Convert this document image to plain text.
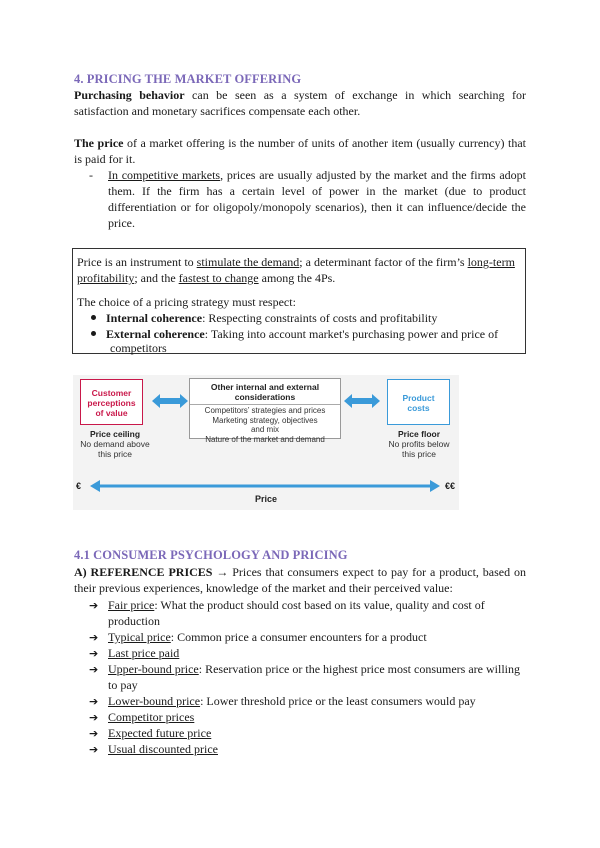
4. PRICING THE MARKET OFFERING
Purchasing behavior can be seen as a system of exchange in which searching for
satisfaction and monetary sacrifices compensate each other.
The price of a market offering is the number of units of another item (usually currency) that
is paid for it.
-	In competitive markets, prices are usually adjusted by the market and the firms adopt
them. If the firm has a certain level of power in the market (due to product
differentiation or for oligopoly/monopoly scenarios), then it can influence/decide the
price.
Price is an instrument to stimulate the demand; a determinant factor of the firm’s long-term
profitability; and the fastest to change among the 4Ps.
The choice of a pricing strategy must respect:
Internal coherence: Respecting constraints of costs and profitability
External coherence: Taking into account market's purchasing power and price of
competitors
Customer
perceptions
of value
Other internal and external
considerations
Competitors’ strategies and prices
Marketing strategy, objectives
and mix
Nature of the market and demand
Product
costs
Price ceiling
No demand above
this price
Price floor
No profits below
this price
€	€€
Price
4.1 CONSUMER PSYCHOLOGY AND PRICING
A) REFERENCE PRICES → Prices that consumers expect to pay for a product, based on
their previous experiences, knowledge of the market and their perceived value:
➔ Fair price: What the product should cost based on its value, quality and cost of
production
➔ Typical price: Common price a consumer encounters for a product
➔ Last price paid
➔ Upper-bound price: Reservation price or the highest price most consumers are willing
to pay
➔ Lower-bound price: Lower threshold price or the least consumers would pay
➔ Competitor prices
➔ Expected future price
➔ Usual discounted price
